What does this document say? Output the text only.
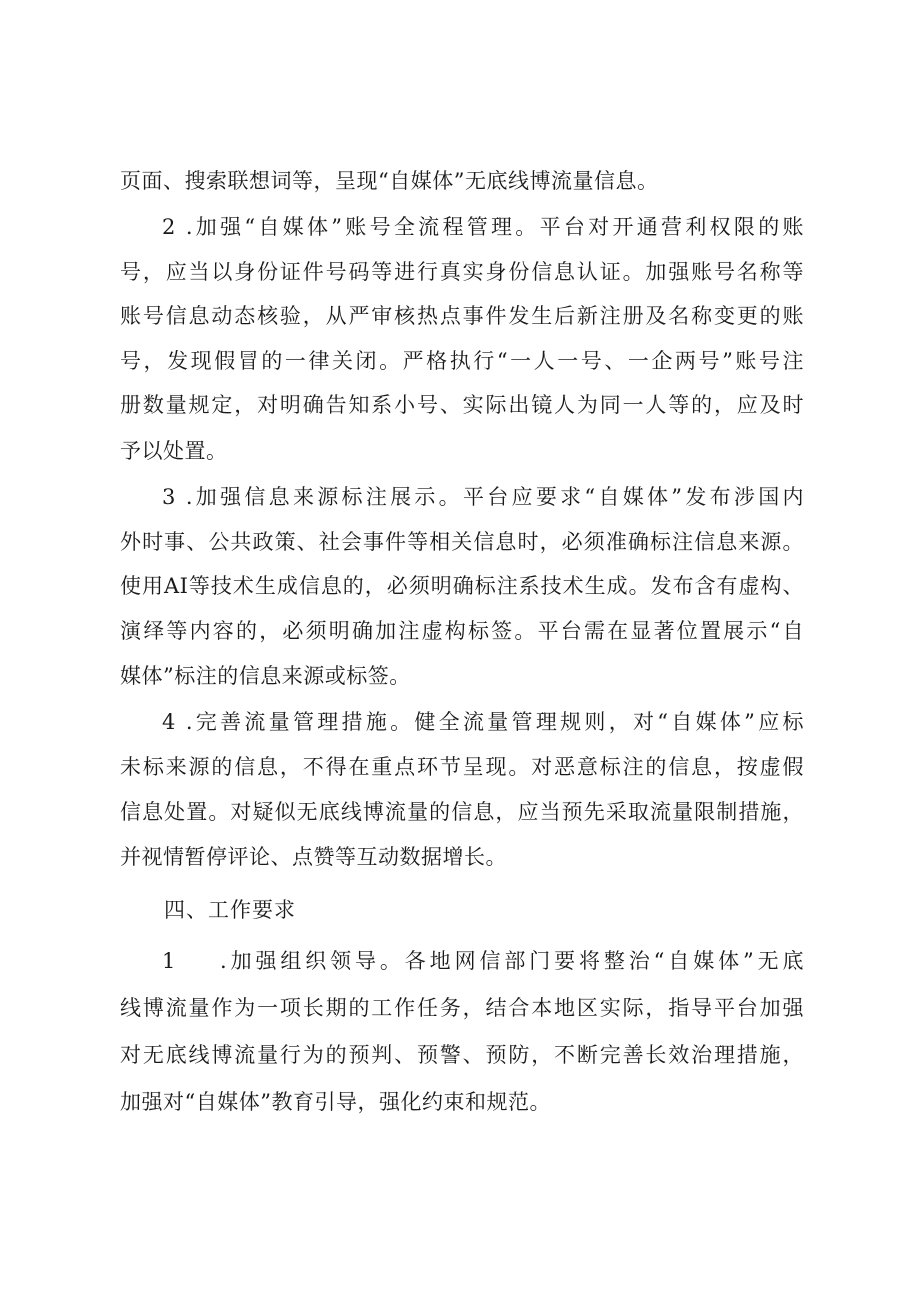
页面、搜索联想词等，呈现“自媒体”无底线博流量信息。
2 .加强“自媒体”账号全流程管理。平台对开通营利权限的账
号，应当以身份证件号码等进行真实身份信息认证。加强账号名称等
账号信息动态核验，从严审核热点事件发生后新注册及名称变更的账
号，发现假冒的一律关闭。严格执行“一人一号、一企两号”账号注
册数量规定，对明确告知系小号、实际出镜人为同一人等的，应及时
予以处置。
3 .加强信息来源标注展示。平台应要求“自媒体”发布涉国内
外时事、公共政策、社会事件等相关信息时，必须准确标注信息来源。
使用AI等技术生成信息的，必须明确标注系技术生成。发布含有虚构、
演绎等内容的，必须明确加注虚构标签。平台需在显著位置展示“自
媒体”标注的信息来源或标签。
4 .完善流量管理措施。健全流量管理规则，对“自媒体”应标
未标来源的信息，不得在重点环节呈现。对恶意标注的信息，按虚假
信息处置。对疑似无底线博流量的信息，应当预先采取流量限制措施，
并视情暂停评论、点赞等互动数据增长。
四、工作要求
1 .加强组织领导。各地网信部门要将整治“自媒体”无底
线博流量作为一项长期的工作任务，结合本地区实际，指导平台加强
对无底线博流量行为的预判、预警、预防，不断完善长效治理措施，
加强对“自媒体”教育引导，强化约束和规范。
